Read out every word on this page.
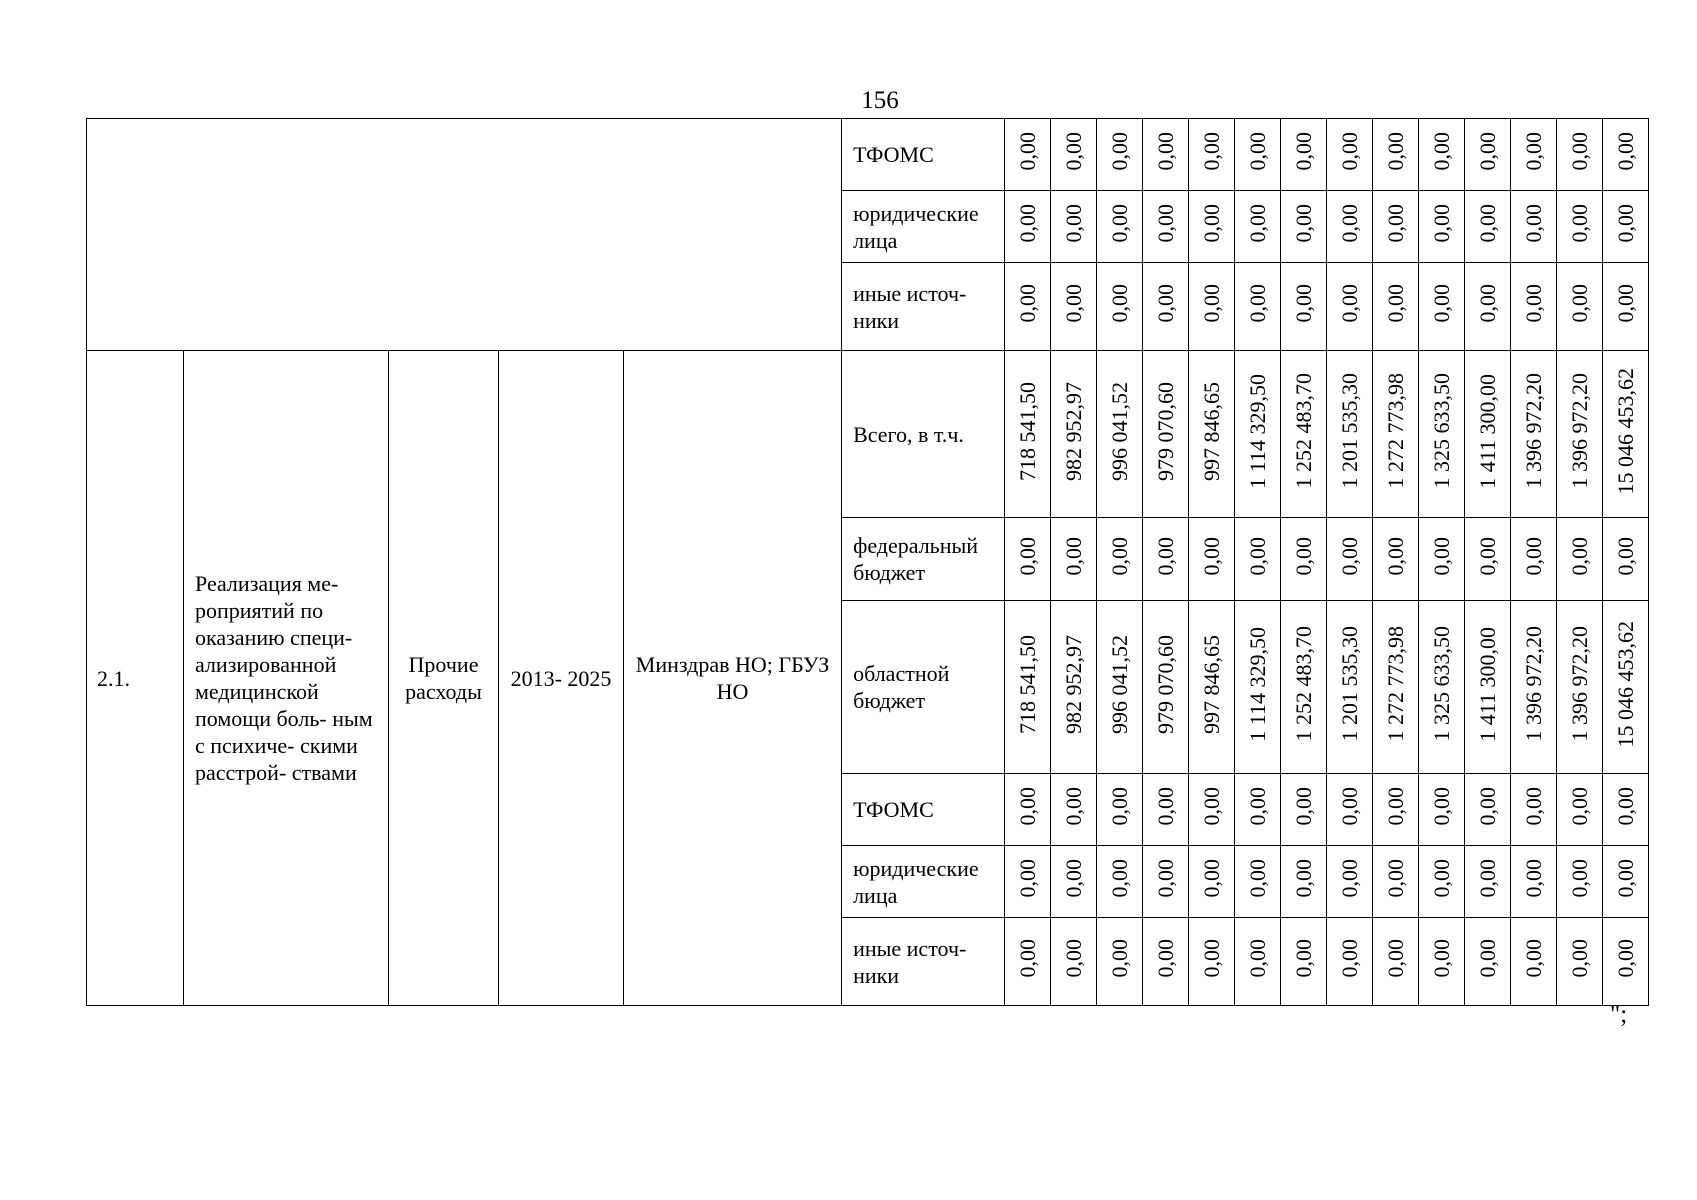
156
					ТФОМС	0,00	0,00	0,00	0,00	0,00	0,00	0,00	0,00	0,00	0,00	0,00	0,00	0,00	0,00
					юридические лица	0,00	0,00	0,00	0,00	0,00	0,00	0,00	0,00	0,00	0,00	0,00	0,00	0,00	0,00
					иные источ- ники	0,00	0,00	0,00	0,00	0,00	0,00	0,00	0,00	0,00	0,00	0,00	0,00	0,00	0,00
2.1.	Реализация ме- роприятий по оказанию специ- ализированной медицинской помощи боль- ным с психиче- скими расстрой- ствами	Прочие расходы	2013- 2025	Минздрав НО; ГБУЗ НО	Всего, в т.ч.	718 541,50	982 952,97	996 041,52	979 070,60	997 846,65	1 114 329,50	1 252 483,70	1 201 535,30	1 272 773,98	1 325 633,50	1 411 300,00	1 396 972,20	1 396 972,20	15 046 453,62
					федеральный бюджет	0,00	0,00	0,00	0,00	0,00	0,00	0,00	0,00	0,00	0,00	0,00	0,00	0,00	0,00
					областной бюджет	718 541,50	982 952,97	996 041,52	979 070,60	997 846,65	1 114 329,50	1 252 483,70	1 201 535,30	1 272 773,98	1 325 633,50	1 411 300,00	1 396 972,20	1 396 972,20	15 046 453,62
					ТФОМС	0,00	0,00	0,00	0,00	0,00	0,00	0,00	0,00	0,00	0,00	0,00	0,00	0,00	0,00
					юридические лица	0,00	0,00	0,00	0,00	0,00	0,00	0,00	0,00	0,00	0,00	0,00	0,00	0,00	0,00
					иные источ- ники	0,00	0,00	0,00	0,00	0,00	0,00	0,00	0,00	0,00	0,00	0,00	0,00	0,00	0,00
";
